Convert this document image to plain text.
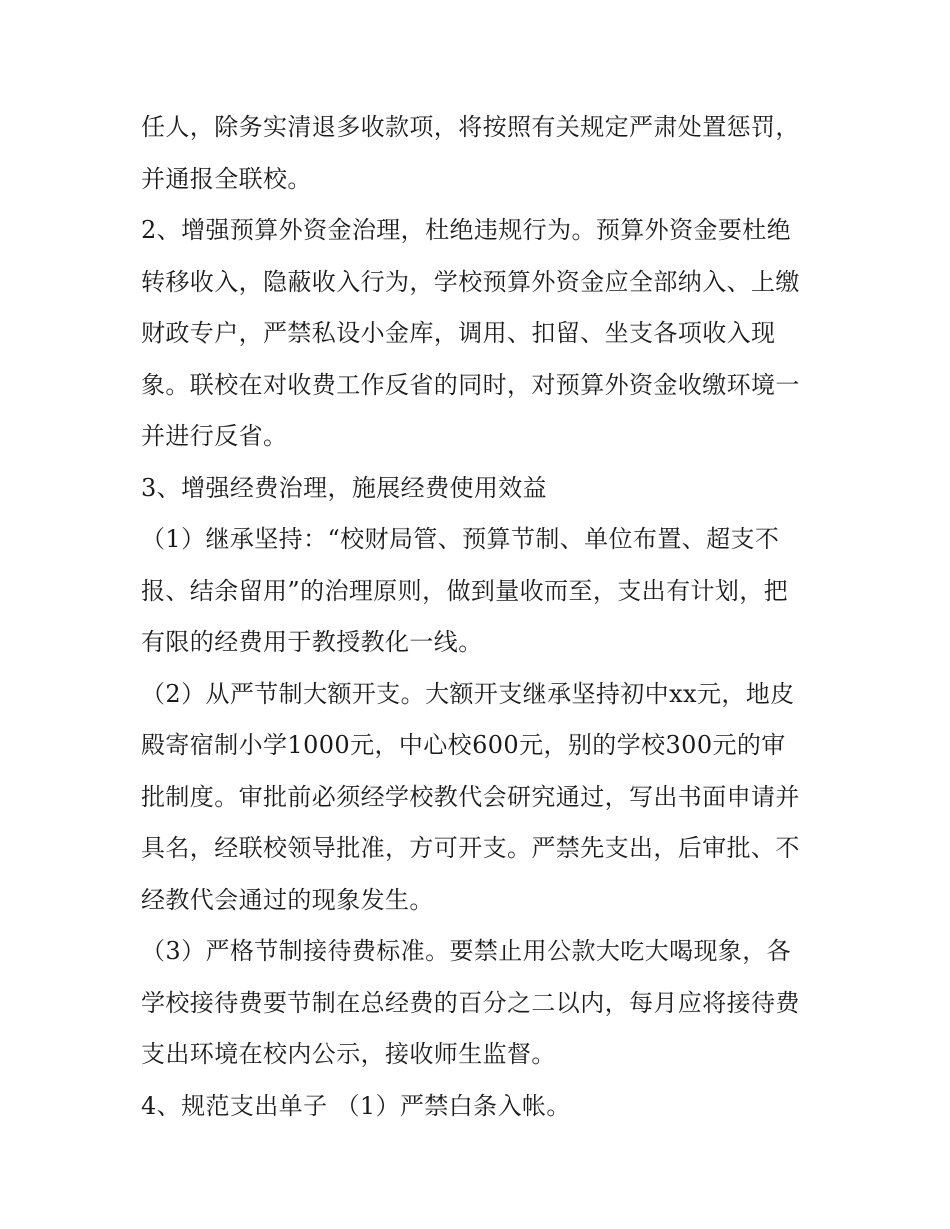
任人，除务实清退多收款项，将按照有关规定严肃处置惩罚，
并通报全联校。
2、增强预算外资金治理，杜绝违规行为。预算外资金要杜绝
转移收入，隐蔽收入行为，学校预算外资金应全部纳入、上缴
财政专户，严禁私设小金库，调用、扣留、坐支各项收入现
象。联校在对收费工作反省的同时，对预算外资金收缴环境一
并进行反省。
3、增强经费治理，施展经费使用效益
（1）继承坚持：“校财局管、预算节制、单位布置、超支不
报、结余留用”的治理原则，做到量收而至，支出有计划，把
有限的经费用于教授教化一线。
（2）从严节制大额开支。大额开支继承坚持初中xx元，地皮
殿寄宿制小学1000元，中心校600元，别的学校300元的审
批制度。审批前必须经学校教代会研究通过，写出书面申请并
具名，经联校领导批准，方可开支。严禁先支出，后审批、不
经教代会通过的现象发生。
（3）严格节制接待费标准。要禁止用公款大吃大喝现象，各
学校接待费要节制在总经费的百分之二以内，每月应将接待费
支出环境在校内公示，接收师生监督。
4、规范支出单子 （1）严禁白条入帐。
